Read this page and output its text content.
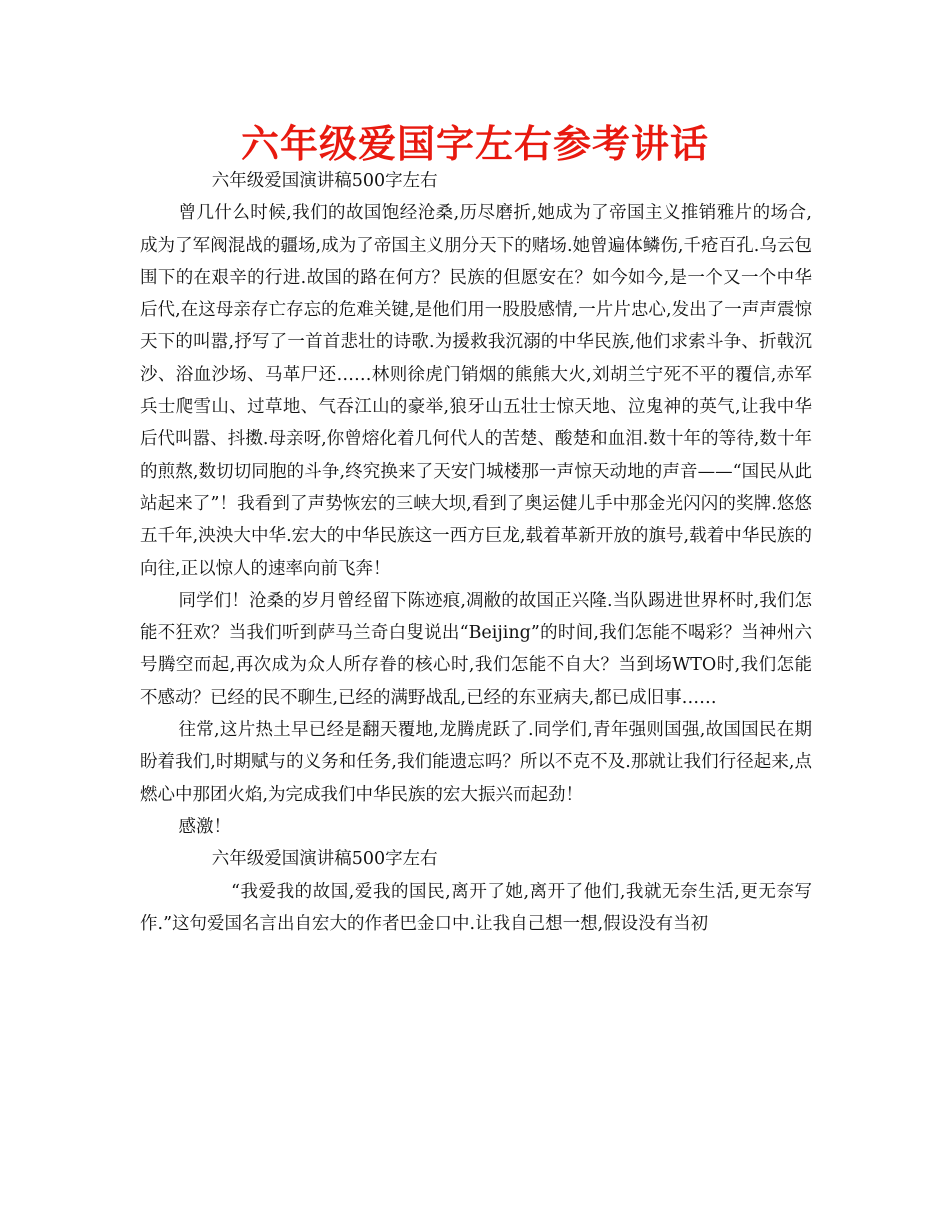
六年级爱国字左右参考讲话

六年级爱国演讲稿500字左右

曾几什么时候,我们的故国饱经沧桑,历尽磨折,她成为了帝国主义推销雅片的场合,成为了军阀混战的疆场,成为了帝国主义朋分天下的赌场.她曾遍体鳞伤,千疮百孔.乌云包围下的在艰辛的行进.故国的路在何方？民族的但愿安在？如今如今,是一个又一个中华后代,在这母亲存亡存忘的危难关键,是他们用一股股感情,一片片忠心,发出了一声声震惊天下的叫嚣,抒写了一首首悲壮的诗歌.为援救我沉溺的中华民族,他们求索斗争、折戟沉沙、浴血沙场、马革尸还……林则徐虎门销烟的熊熊大火,刘胡兰宁死不平的覆信,赤军兵士爬雪山、过草地、气吞江山的豪举,狼牙山五壮士惊天地、泣鬼神的英气,让我中华后代叫嚣、抖擞.母亲呀,你曾熔化着几何代人的苦楚、酸楚和血泪.数十年的等待,数十年的煎熬,数切切同胞的斗争,终究换来了天安门城楼那一声惊天动地的声音——“国民从此站起来了”！我看到了声势恢宏的三峡大坝,看到了奥运健儿手中那金光闪闪的奖牌.悠悠五千年,泱泱大中华.宏大的中华民族这一西方巨龙,载着革新开放的旗号,载着中华民族的向往,正以惊人的速率向前飞奔！

同学们！沧桑的岁月曾经留下陈迹痕,凋敝的故国正兴隆.当队踢进世界杯时,我们怎能不狂欢？当我们听到萨马兰奇白叟说出“Beijing”的时间,我们怎能不喝彩？当神州六号腾空而起,再次成为众人所存眷的核心时,我们怎能不自大？当到场WTO时,我们怎能不感动？已经的民不聊生,已经的满野战乱,已经的东亚病夫,都已成旧事……

往常,这片热土早已经是翻天覆地,龙腾虎跃了.同学们,青年强则国强,故国国民在期盼着我们,时期赋与的义务和任务,我们能遗忘吗？所以不克不及.那就让我们行径起来,点燃心中那团火焰,为完成我们中华民族的宏大振兴而起劲！

感激！

六年级爱国演讲稿500字左右

“我爱我的故国,爱我的国民,离开了她,离开了他们,我就无奈生活,更无奈写作.”这句爱国名言出自宏大的作者巴金口中.让我自己想一想,假设没有当初
